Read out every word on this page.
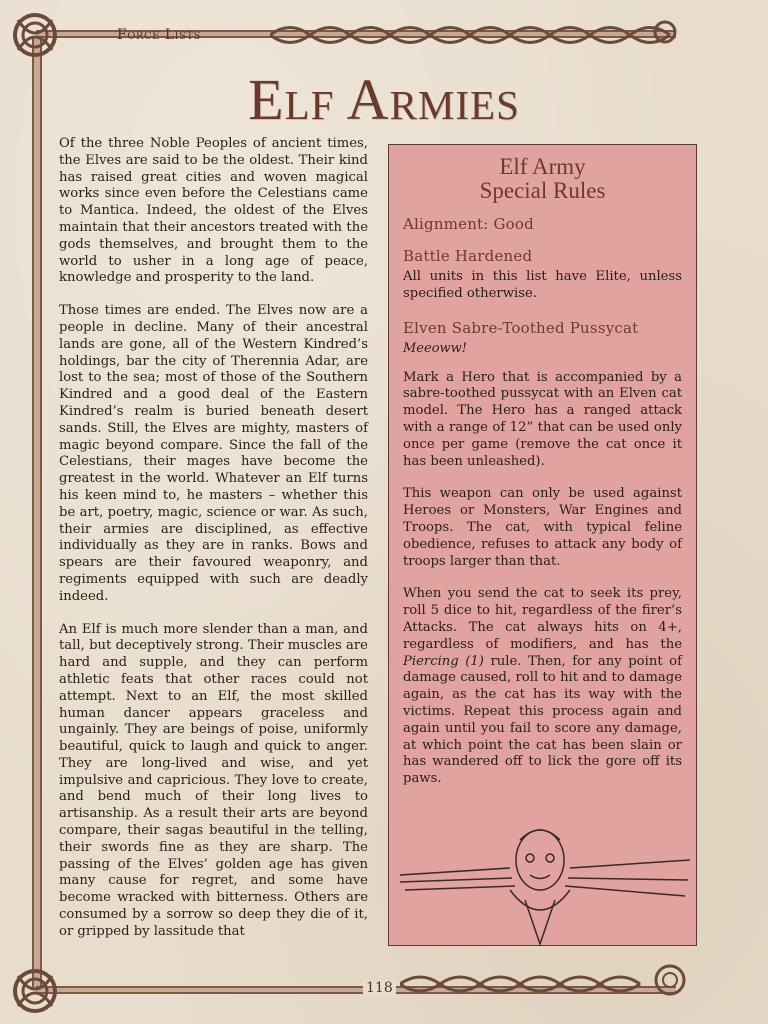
Force Lists
Elf Armies

Of the three Noble Peoples of ancient times, the Elves are said to be the oldest. Their kind has raised great cities and woven magical works since even before the Celestians came to Mantica. Indeed, the oldest of the Elves maintain that their ancestors treated with the gods themselves, and brought them to the world to usher in a long age of peace, knowledge and prosperity to the land.

Those times are ended. The Elves now are a people in decline. Many of their ancestral lands are gone, all of the Western Kindred’s holdings, bar the city of Therennia Adar, are lost to the sea; most of those of the Southern Kindred and a good deal of the Eastern Kindred’s realm is buried beneath desert sands. Still, the Elves are mighty, masters of magic beyond compare. Since the fall of the Celestians, their mages have become the greatest in the world. Whatever an Elf turns his keen mind to, he masters – whether this be art, poetry, magic, science or war. As such, their armies are disciplined, as effective individually as they are in ranks. Bows and spears are their favoured weaponry, and regiments equipped with such are deadly indeed.

An Elf is much more slender than a man, and tall, but deceptively strong. Their muscles are hard and supple, and they can perform athletic feats that other races could not attempt. Next to an Elf, the most skilled human dancer appears graceless and ungainly. They are beings of poise, uniformly beautiful, quick to laugh and quick to anger. They are long-lived and wise, and yet impulsive and capricious. They love to create, and bend much of their long lives to artisanship. As a result their arts are beyond compare, their sagas beautiful in the telling, their swords fine as they are sharp. The passing of the Elves’ golden age has given many cause for regret, and some have become wracked with bitterness. Others are consumed by a sorrow so deep they die of it, or gripped by lassitude that

Elf Army
Special Rules
Alignment: Good
Battle Hardened
All units in this list have Elite, unless specified otherwise.
Elven Sabre-Toothed Pussycat
Meeoww!
Mark a Hero that is accompanied by a sabre-toothed pussycat with an Elven cat model. The Hero has a ranged attack with a range of 12” that can be used only once per game (remove the cat once it has been unleashed).
This weapon can only be used against Heroes or Monsters, War Engines and Troops. The cat, with typical feline obedience, refuses to attack any body of troops larger than that.
When you send the cat to seek its prey, roll 5 dice to hit, regardless of the firer’s Attacks. The cat always hits on 4+, regardless of modifiers, and has the Piercing (1) rule. Then, for any point of damage caused, roll to hit and to damage again, as the cat has its way with the victims. Repeat this process again and again until you fail to score any damage, at which point the cat has been slain or has wandered off to lick the gore off its paws.
118
